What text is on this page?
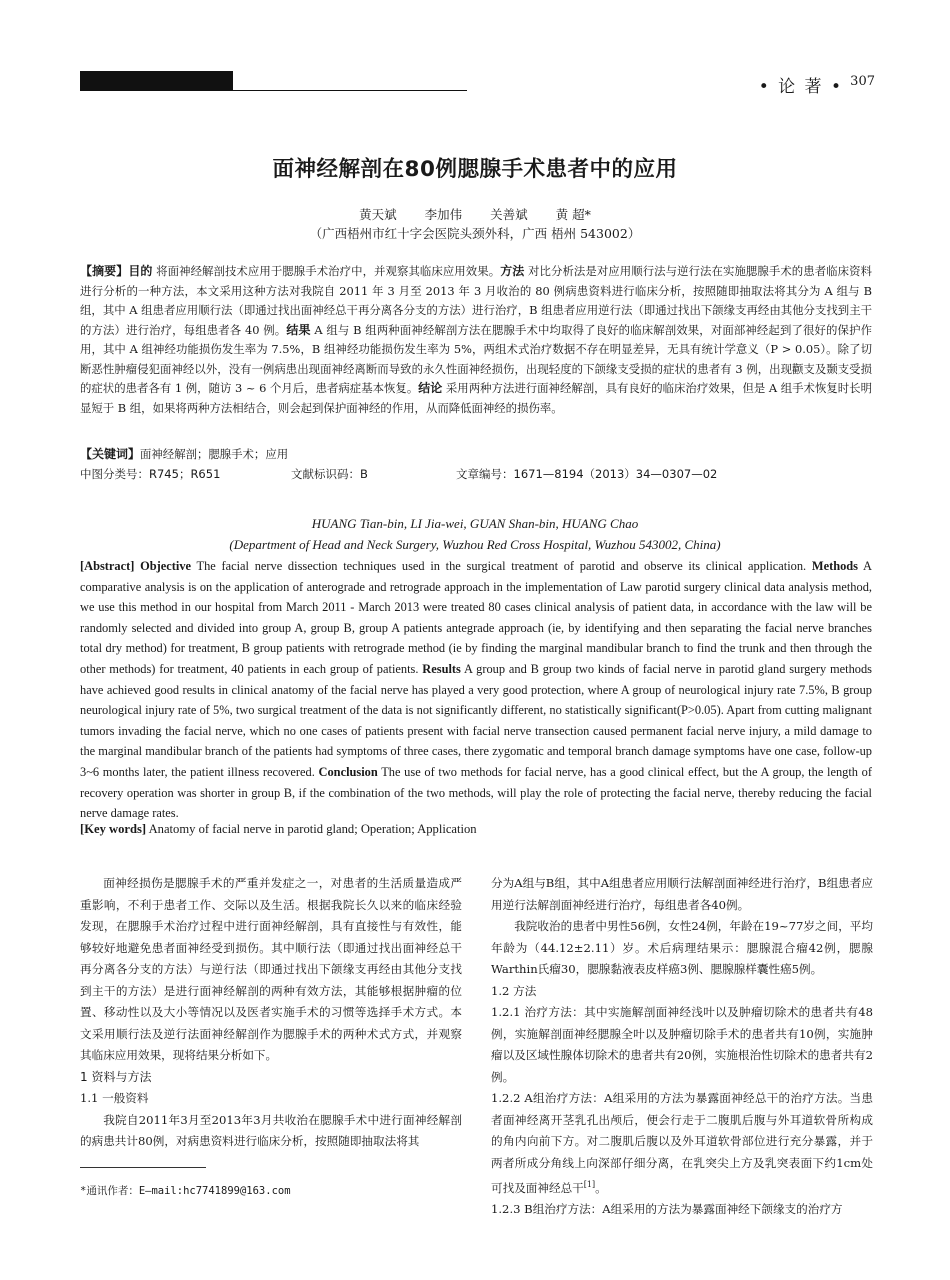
• 论 著 • 307
面神经解剖在80例腮腺手术患者中的应用
黄天斌 李加伟 关善斌 黄 超*
（广西梧州市红十字会医院头颈外科，广西 梧州 543002）
【摘要】目的 将面神经解剖技术应用于腮腺手术治疗中，并观察其临床应用效果。方法 对比分析法是对应用顺行法与逆行法在实施腮腺手术的患者临床资料进行分析的一种方法，本文采用这种方法对我院自 2011 年 3 月至 2013 年 3 月收治的 80 例病患资料进行临床分析，按照随即抽取法将其分为 A 组与 B 组，其中 A 组患者应用顺行法（即通过找出面神经总干再分离各分支的方法）进行治疗，B 组患者应用逆行法（即通过找出下颌缘支再经由其他分支找到主干的方法）进行治疗，每组患者各 40 例。结果 A 组与 B 组两种面神经解剖方法在腮腺手术中均取得了良好的临床解剖效果，对面部神经起到了很好的保护作用，其中 A 组神经功能损伤发生率为 7.5%，B 组神经功能损伤发生率为 5%，两组术式治疗数据不存在明显差异，无具有统计学意义（P > 0.05）。除了切断恶性肿瘤侵犯面神经以外，没有一例病患出现面神经离断而导致的永久性面神经损伤，出现轻度的下颌缘支受损的症状的患者有 3 例，出现颧支及颞支受损的症状的患者各有 1 例，随访 3 ~ 6 个月后，患者病症基本恢复。结论 采用两种方法进行面神经解剖，具有良好的临床治疗效果，但是 A 组手术恢复时长明显短于 B 组，如果将两种方法相结合，则会起到保护面神经的作用，从而降低面神经的损伤率。
【关键词】面神经解剖；腮腺手术；应用
中图分类号：R745；R651	文献标识码：B	文章编号：1671—8194（2013）34—0307—02
HUANG Tian-bin, LI Jia-wei, GUAN Shan-bin, HUANG Chao
(Department of Head and Neck Surgery, Wuzhou Red Cross Hospital, Wuzhou 543002, China)
[Abstract] Objective The facial nerve dissection techniques used in the surgical treatment of parotid and observe its clinical application. Methods A comparative analysis is on the application of anterograde and retrograde approach in the implementation of Law parotid surgery clinical data analysis method, we use this method in our hospital from March 2011 - March 2013 were treated 80 cases clinical analysis of patient data, in accordance with the law will be randomly selected and divided into group A, group B, group A patients antegrade approach (ie, by identifying and then separating the facial nerve branches total dry method) for treatment, B group patients with retrograde method (ie by finding the marginal mandibular branch to find the trunk and then through the other methods) for treatment, 40 patients in each group of patients. Results A group and B group two kinds of facial nerve in parotid gland surgery methods have achieved good results in clinical anatomy of the facial nerve has played a very good protection, where A group of neurological injury rate 7.5%, B group neurological injury rate of 5%, two surgical treatment of the data is not significantly different, no statistically significant(P>0.05). Apart from cutting malignant tumors invading the facial nerve, which no one cases of patients present with facial nerve transection caused permanent facial nerve injury, a mild damage to the marginal mandibular branch of the patients had symptoms of three cases, there zygomatic and temporal branch damage symptoms have one case, follow-up 3~6 months later, the patient illness recovered. Conclusion The use of two methods for facial nerve, has a good clinical effect, but the A group, the length of recovery operation was shorter in group B, if the combination of the two methods, will play the role of protecting the facial nerve, thereby reducing the facial nerve damage rates.
[Key words] Anatomy of facial nerve in parotid gland; Operation; Application

面神经损伤是腮腺手术的严重并发症之一，对患者的生活质量造成严重影响，不利于患者工作、交际以及生活。根据我院长久以来的临床经验发现，在腮腺手术治疗过程中进行面神经解剖，具有直接性与有效性，能够较好地避免患者面神经受到损伤。其中顺行法（即通过找出面神经总干再分离各分支的方法）与逆行法（即通过找出下颌缘支再经由其他分支找到主干的方法）是进行面神经解剖的两种有效方法，其能够根据肿瘤的位置、移动性以及大小等情况以及医者实施手术的习惯等选择手术方式。本文采用顺行法及逆行法面神经解剖作为腮腺手术的两种术式方式，并观察其临床应用效果，现将结果分析如下。

1 资料与方法

1.1 一般资料

我院自2011年3月至2013年3月共收治在腮腺手术中进行面神经解剖的病患共计80例，对病患资料进行临床分析，按照随即抽取法将其

分为A组与B组，其中A组患者应用顺行法解剖面神经进行治疗，B组患者应用逆行法解剖面神经进行治疗，每组患者各40例。

我院收治的患者中男性56例，女性24例，年龄在19~77岁之间，平均年龄为（44.12±2.11）岁。术后病理结果示：腮腺混合瘤42例，腮腺Warthin氏瘤30，腮腺黏液表皮样癌3例、腮腺腺样囊性癌5例。

1.2 方法

1.2.1 治疗方法：其中实施解剖面神经浅叶以及肿瘤切除术的患者共有48例，实施解剖面神经腮腺全叶以及肿瘤切除手术的患者共有10例，实施肿瘤以及区域性腺体切除术的患者共有20例，实施根治性切除术的患者共有2例。

1.2.2 A组治疗方法：A组采用的方法为暴露面神经总干的治疗方法。当患者面神经离开茎乳孔出颅后，便会行走于二腹肌后腹与外耳道软骨所构成的角内向前下方。对二腹肌后腹以及外耳道软骨部位进行充分暴露，并于两者所成分角线上向深部仔细分离，在乳突尖上方及乳突表面下约1cm处可找及面神经总干[1]。

1.2.3 B组治疗方法：A组采用的方法为暴露面神经下颌缘支的治疗方

*通讯作者：E—mail:hc7741899@163.com
